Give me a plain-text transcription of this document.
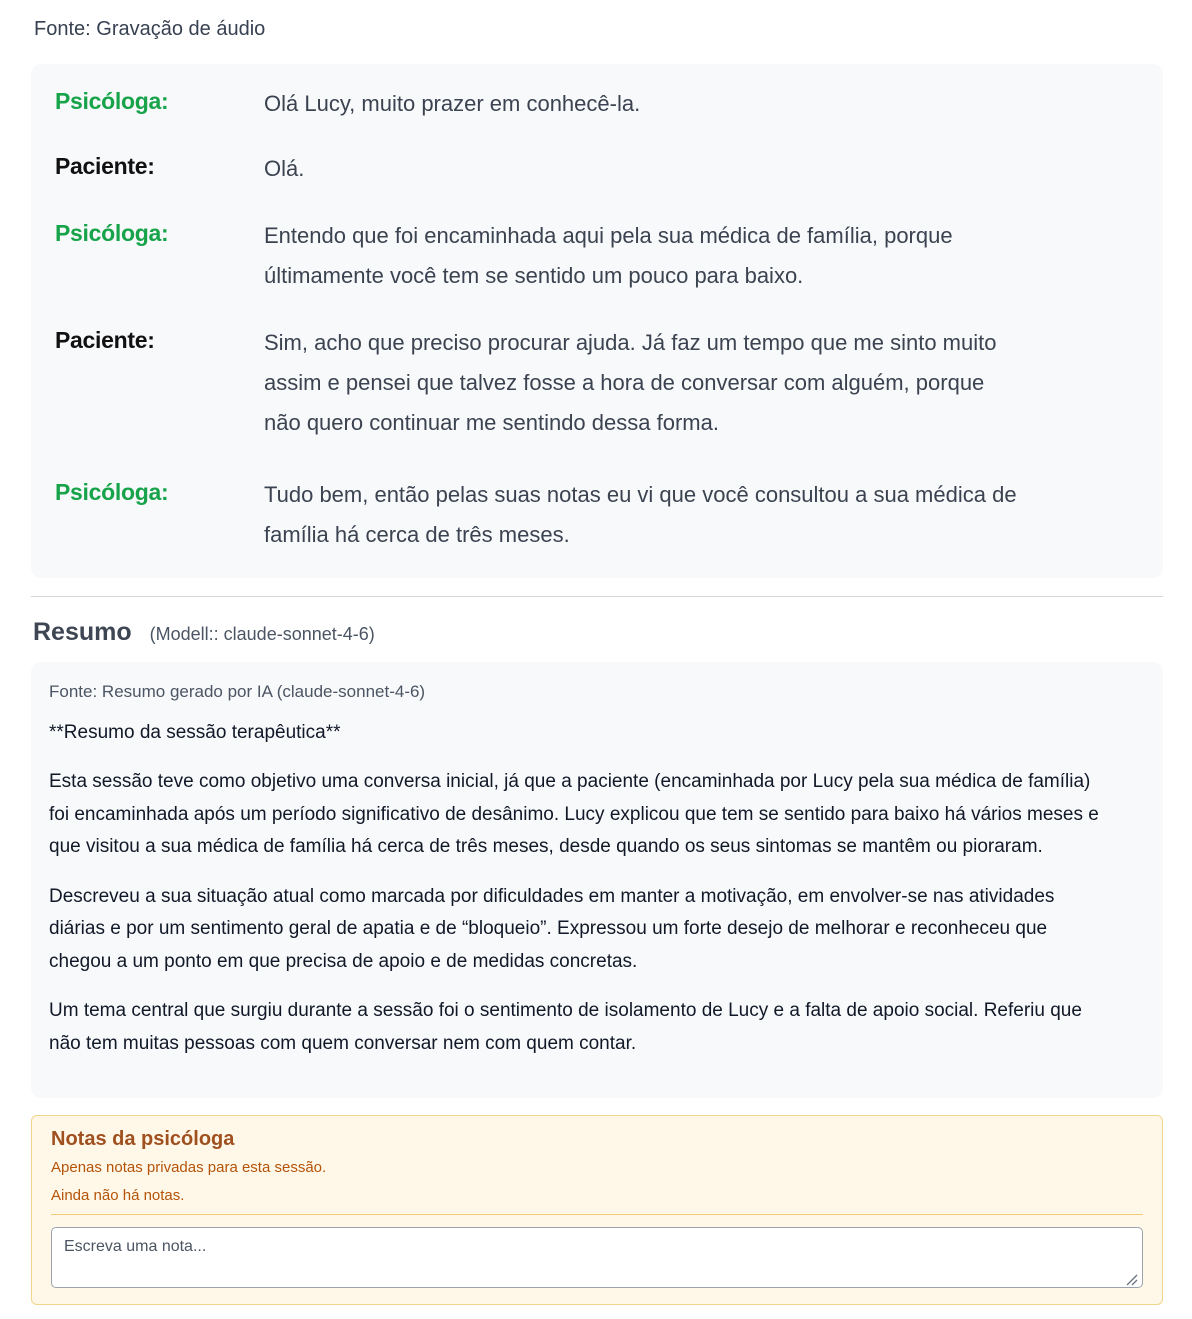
Fonte: Gravação de áudio
Psicóloga:	Olá Lucy, muito prazer em conhecê-la.
Paciente:	Olá.
Psicóloga:	Entendo que foi encaminhada aqui pela sua médica de família, porque últimamente você tem se sentido um pouco para baixo.
Paciente:	Sim, acho que preciso procurar ajuda. Já faz um tempo que me sinto muito assim e pensei que talvez fosse a hora de conversar com alguém, porque não quero continuar me sentindo dessa forma.
Psicóloga:	Tudo bem, então pelas suas notas eu vi que você consultou a sua médica de família há cerca de três meses.
Resumo (Modell:: claude-sonnet-4-6)
Fonte: Resumo gerado por IA (claude-sonnet-4-6)

**Resumo da sessão terapêutica**

Esta sessão teve como objetivo uma conversa inicial, já que a paciente (encaminhada por Lucy pela sua médica de família) foi encaminhada após um período significativo de desânimo. Lucy explicou que tem se sentido para baixo há vários meses e que visitou a sua médica de família há cerca de três meses, desde quando os seus sintomas se mantêm ou pioraram.

Descreveu a sua situação atual como marcada por dificuldades em manter a motivação, em envolver-se nas atividades diárias e por um sentimento geral de apatia e de “bloqueio”. Expressou um forte desejo de melhorar e reconheceu que chegou a um ponto em que precisa de apoio e de medidas concretas.

Um tema central que surgiu durante a sessão foi o sentimento de isolamento de Lucy e a falta de apoio social. Referiu que não tem muitas pessoas com quem conversar nem com quem contar.

Notas da psicóloga
Apenas notas privadas para esta sessão.
Ainda não há notas.
Escreva uma nota...
